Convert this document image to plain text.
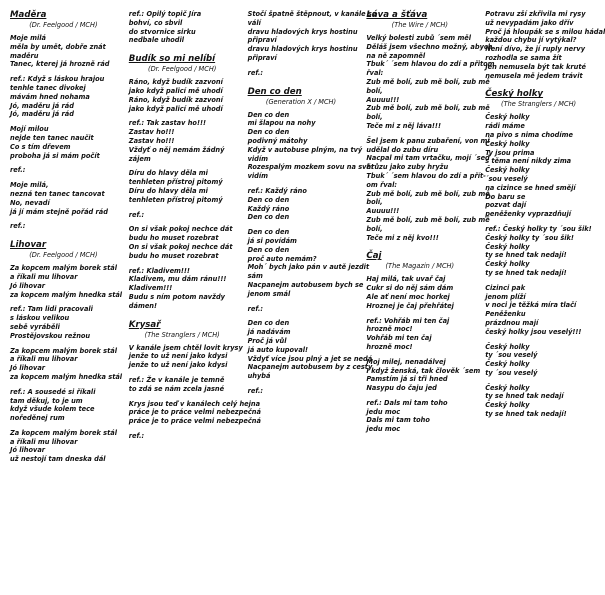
Maděra
(Dr. Feelgood / MCH)
Moje milá
měla by umět, dobře znát
maděru
Tanec, kterej já hrozně rád
ref.: Když s láskou hrajou
tenhle tanec divokej
mávám hned nohama
Jó, maděru já rád
Jó, maděru já rád
Mojí milou
nejde ten tanec naučit
Co s tím dřevem
proboha já si mám počít
ref.:
Moje milá,
nezná ten tanec tancovat
No, nevadí
já jí mám stejně pořád rád
ref.:
Lihovar
(Dr. Feelgood / MCH)
Za kopcem malým borek stál
a říkali mu lihovar
Jó lihovar
za kopcem malým hnedka stál
ref.: Tam lidi pracovali
s láskou velikou
sebě vyráběli
Prostějovskou režnou
Za kopcem malým borek stál
a říkali mu lihovar
Jó lihovar
za kopcem malým hnedka stál
ref.: A sousedé si říkali
tam děkuj, to je um
když všude kolem tece
noředěnej rum
Za kopcem malým borek stál
a říkali mu lihovar
Jó lihovar
už nestojí tam dneska dál
ref.: Opilý topič Jíra
bohví, co sbvil
do stvornice sirku
nedbale uhodil
Budík so mi nelíbí
(Dr. Feelgood / MCH)
Ráno, když budík zazvoní
jako když palicí mě uhodí
Ráno, když budík zazvoní
jako když palicí mě uhodí
ref.: Tak zastav ho!!!
Zastav ho!!!
Zastav ho!!!
Vždyť o něj nemám žádný
zájem
Díru do hlavy děla mi
tenhleten přístroj pitomý
Díru do hlavy děla mi
tenhleten přístroj pitomý
ref.:
On si však pokoj nechce dát
budu ho muset rozebrat
On si však pokoj nechce dát
budu ho muset rozebrat
ref.: Kladivem!!!
Kladivem, mu dám ránu!!!
Kladivem!!!
Budu s ním potom navždy
dámen!
Krysař
(The Stranglers / MCH)
V kanále jsem chtěl lovit krysy
jenže to už není jako kdysi
jenže to už není jako kdysi
ref.: Že v kanále je temně
to zdá se nám zcela jasné
Krys jsou teď v kanálech celý hejna
práce je to práce velmi nebezpečná
práce je to práce velmi nebezpečná
ref.:
Stočí špatně štěpnout, v kanále se
válí
dravu hladových krys hostinu
připraví
dravu hladových krys hostinu
připraví
ref.:
Den co den
(Generation X / MCH)
Den co den
mi šlapou na nohy
Den co den
podivný mátohy
Když v autobuse plným, na tvý
vidím
Rozespalým mozkem sovu na svět
vidím
ref.: Každý ráno
Den co den
Každý ráno
Den co den
Den co den
já si povídám
Den co den
proč auto nemám?
Moh´ bych jako pán v autě jezdit
sám
Nacpanejm autobusem bych se
jenom smál
ref.:
Den co den
já nadávám
Proč já vůl
já auto kupoval!
Vždyť více jsou plný a jet se nedá
Nacpanejm autobusem by z cesty
uhybá
ref.:
Láva a šťáva
(The Wire / MCH)
Velký bolesti zubů ´sem měl
Děláš jsem všechno možný, abych
na ně zapomněl
Tbuk´ ´sem hlavou do zdí a přitom
řval:
Zub mě bolí, zub mě bolí, zub mě
bolí,
Auuuu!!!
Zub mě bolí, zub mě bolí, zub mě
bolí,
Teče mi z něj láva!!!
Šel jsem k panu zubaření, von mi
udělal do zubu díru
Nacpal mi tam vrtačku, mojí ´sed
hrůzu jako zuby hryžu
Tbuk´ ´sem hlavou do zdí a přít-
om řval:
Zub mě bolí, zub mě bolí, zub mě
bolí,
Auuuu!!!
Zub mě bolí, zub mě bolí, zub mě
bolí,
Teče mi z něj kvo!!!
Čaj
(The Magazin / MCH)
Haj milá, tak uvař čaj
Cukr si do něj sám dám
Ale ať není moc horkej
Hroznej je čaj přehřátej
ref.: Vohřáb mi ten čaj
hrozně moc!
Vohřáb mi ten čaj
hrozně moc!
Moj milej, nenadálvej
I když ženská, tak člověk ´sem
Pamstím já si tři hned
Nasypu do čaju jed
ref.: Dals mi tam toho
jedu moc
Dals mi tam toho
jedu moc
Potravu zší zkřivila mi rysy
už nevypadám jako dřív
Proč já hloupák se s milou hádal
každou chybu jí vytýkal?
Není dívo, že jí ruply nervy
rozhodla se sama žít
Jen nemusela být tak kruté
nemusela mě jedem trávit
Český holky
(The Stranglers / MCH)
Český holky
rádi máme
na pivo s nima chodíme
Český holky
Ty jsou prima
s těma není nikdy zima
Český holky
´sou veselý
na cizince se hned smějí
Do baru se
pozvat dají
peněženky vyprazdňují
ref.: Český holky ty ´sou šik!
Český holky ty ´sou šik!
Český holky
ty se hned tak nedají!
Český holky
ty se hned tak nedají!
Cizinci pak
jenom plíží
v noci je těžká míra tlačí
Peněženku
prázdnou mají
český holky jsou veselý!!!
Český holky
ty ´sou veselý
Český holky
ty ´sou veselý
Český holky
ty se hned tak nedají
Český holky
ty se hned tak nedají!
